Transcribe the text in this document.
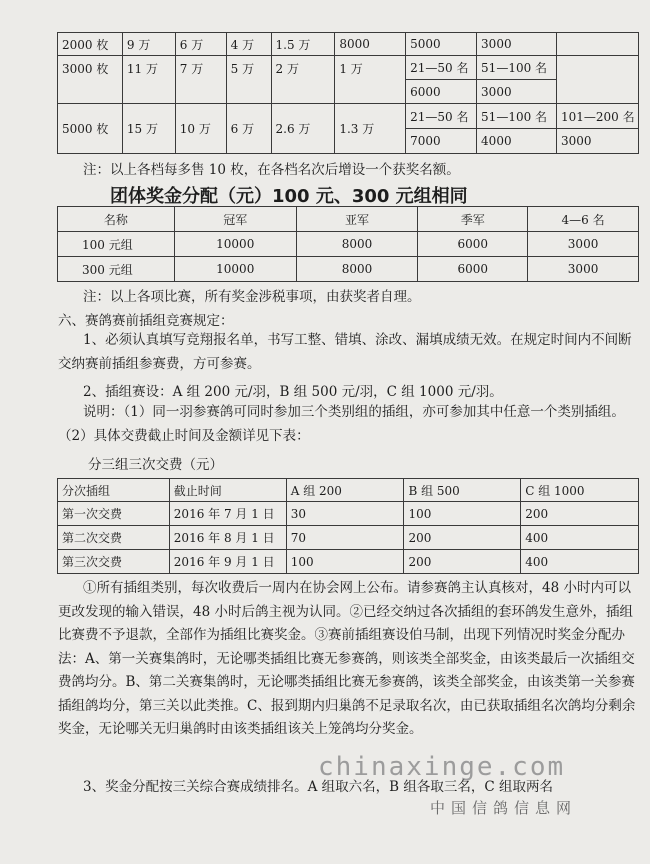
2000 枚	9 万	6 万	4 万	1.5 万	8000	5000	3000	
3000 枚	11 万	7 万	5 万	2 万	1 万	21—50 名	51—100 名	
						6000	3000	
5000 枚	15 万	10 万	6 万	2.6 万	1.3 万	21—50 名	51—100 名	101—200 名
						7000	4000	3000
注：以上各档每多售 10 枚，在各档名次后增设一个获奖名额。
团体奖金分配（元）100 元、300 元组相同
名称	冠军	亚军	季军	4—6 名
100 元组	10000	8000	6000	3000
300 元组	10000	8000	6000	3000
注：以上各项比赛，所有奖金涉税事项，由获奖者自理。
六、赛鸽赛前插组竞赛规定：
1、必须认真填写竞翔报名单，书写工整、错填、涂改、漏填成绩无效。在规定时间内不间断交纳赛前插组参赛费，方可参赛。
2、插组赛设：A 组 200 元/羽，B 组 500 元/羽，C 组 1000 元/羽。
说明：（1）同一羽参赛鸽可同时参加三个类别组的插组，亦可参加其中任意一个类别插组。（2）具体交费截止时间及金额详见下表：
分三组三次交费（元）
分次插组	截止时间	A 组 200	B 组 500	C 组 1000
第一次交费	2016 年 7 月 1 日	30	100	200
第二次交费	2016 年 8 月 1 日	70	200	400
第三次交费	2016 年 9 月 1 日	100	200	400
①所有插组类别，每次收费后一周内在协会网上公布。请参赛鸽主认真核对，48 小时内可以更改发现的输入错误，48 小时后鸽主视为认同。②已经交纳过各次插组的套环鸽发生意外，插组比赛费不予退款，全部作为插组比赛奖金。③赛前插组赛设伯马制，出现下列情况时奖金分配办法：A、第一关赛集鸽时，无论哪类插组比赛无参赛鸽，则该类全部奖金，由该类最后一次插组交费鸽均分。B、第二关赛集鸽时，无论哪类插组比赛无参赛鸽，该类全部奖金，由该类第一关参赛插组鸽均分，第三关以此类推。C、报到期内归巢鸽不足录取名次，由已获取插组名次鸽均分剩余奖金，无论哪关无归巢鸽时由该类插组该关上笼鸽均分奖金。
chinaxinge.com
3、奖金分配按三关综合赛成绩排名。A 组取六名，B 组各取三名，C 组取两名
中国信鸽信息网
